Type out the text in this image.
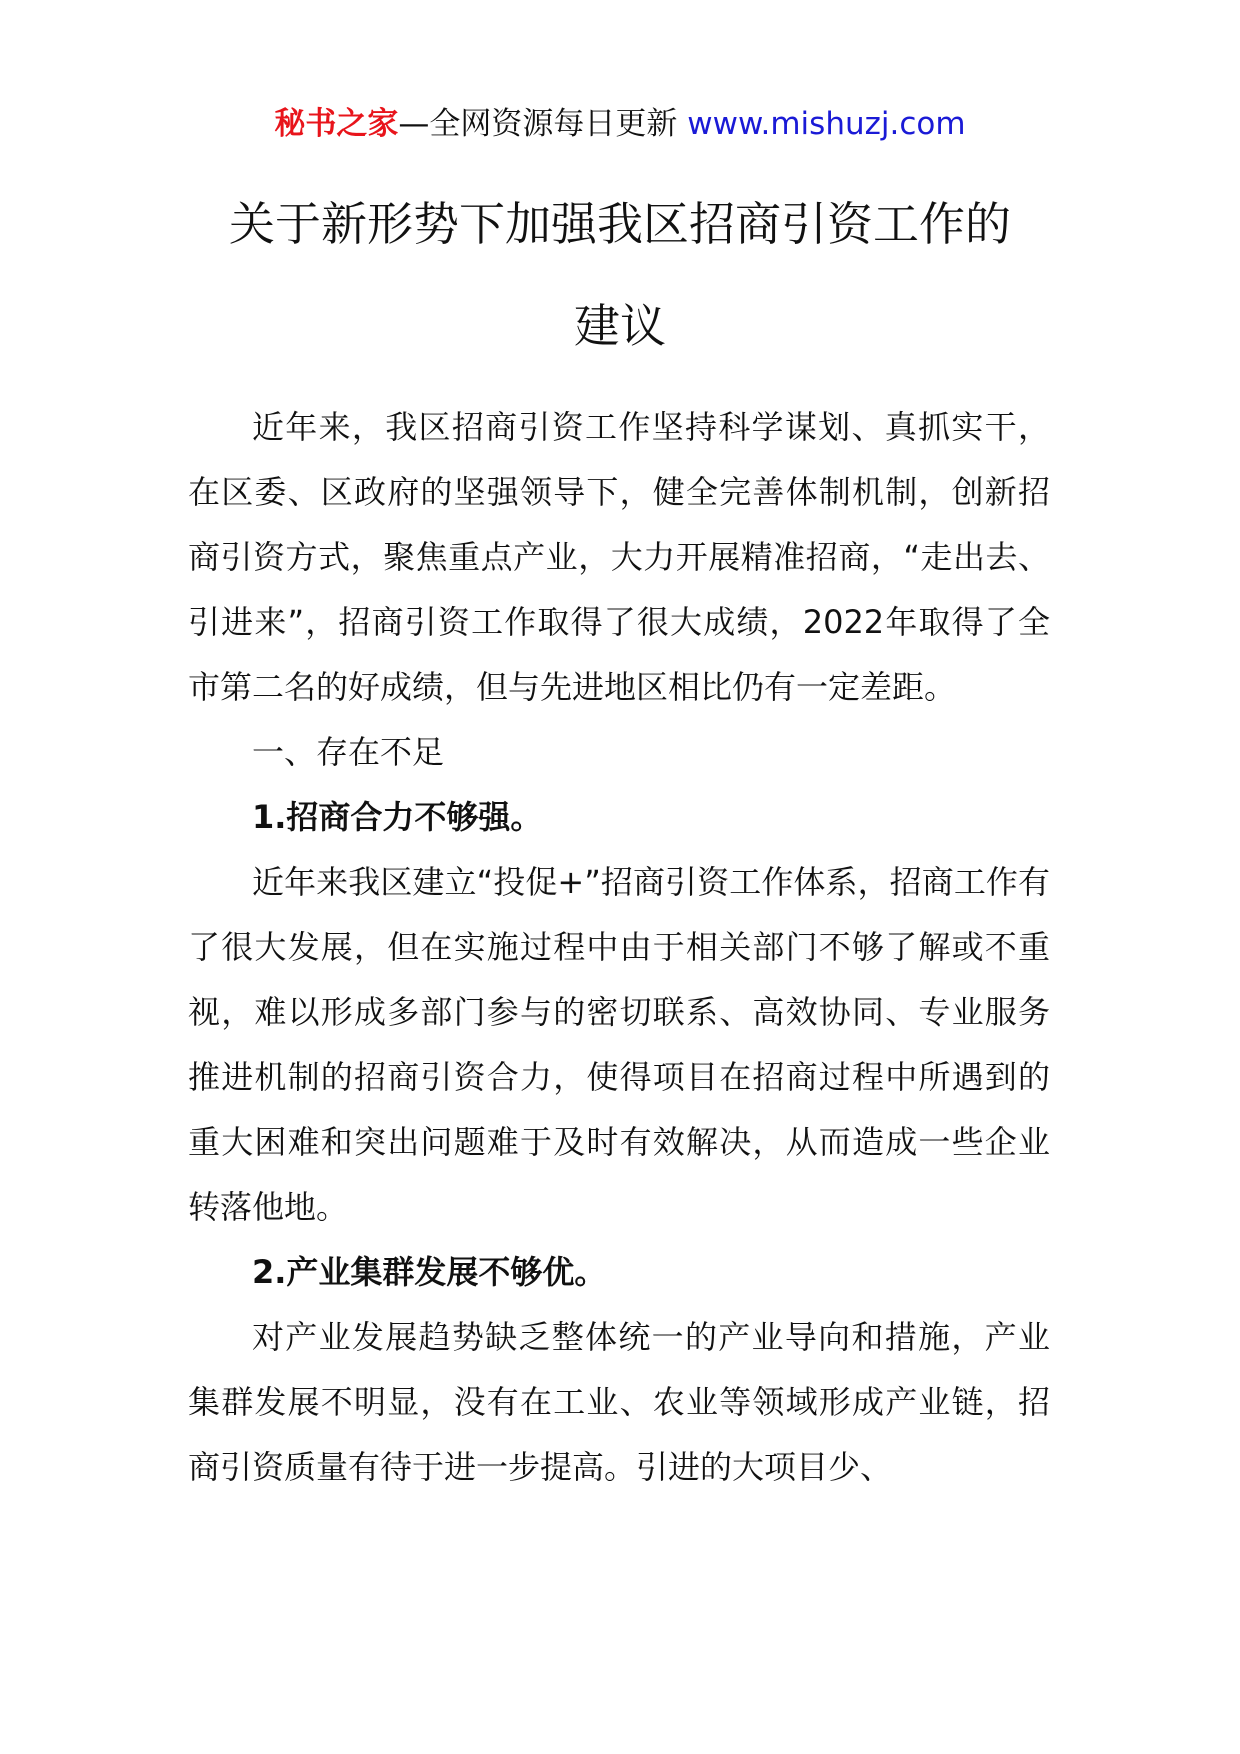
秘书之家—全网资源每日更新 www.mishuzj.com
关于新形势下加强我区招商引资工作的
建议

近年来，我区招商引资工作坚持科学谋划、真抓实干，在区委、区政府的坚强领导下，健全完善体制机制，创新招商引资方式，聚焦重点产业，大力开展精准招商，“走出去、引进来”，招商引资工作取得了很大成绩，2022年取得了全市第二名的好成绩，但与先进地区相比仍有一定差距。

一、存在不足

1.招商合力不够强。

近年来我区建立“投促+”招商引资工作体系，招商工作有了很大发展，但在实施过程中由于相关部门不够了解或不重视，难以形成多部门参与的密切联系、高效协同、专业服务推进机制的招商引资合力，使得项目在招商过程中所遇到的重大困难和突出问题难于及时有效解决，从而造成一些企业转落他地。

2.产业集群发展不够优。

对产业发展趋势缺乏整体统一的产业导向和措施，产业集群发展不明显，没有在工业、农业等领域形成产业链，招商引资质量有待于进一步提高。引进的大项目少、
